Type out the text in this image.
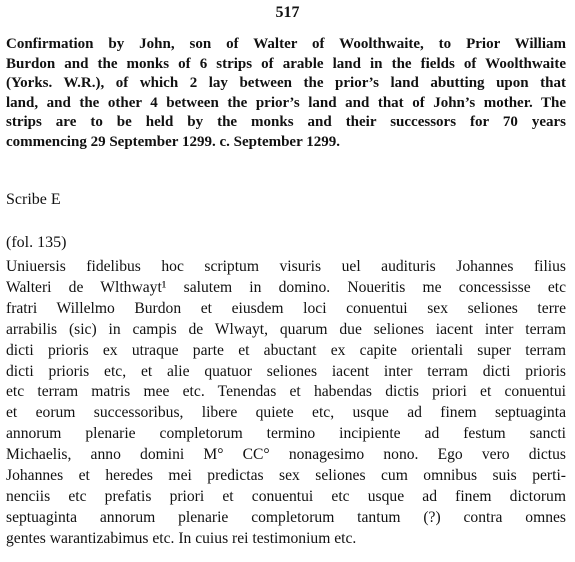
517
Confirmation by John, son of Walter of Woolthwaite, to Prior William
Burdon and the monks of 6 strips of arable land in the fields of Woolthwaite
(Yorks. W.R.), of which 2 lay between the prior’s land abutting upon that
land, and the other 4 between the prior’s land and that of John’s mother. The
strips are to be held by the monks and their successors for 70 years
commencing 29 September 1299. c. September 1299.
Scribe E
(fol. 135)
Uniuersis fidelibus hoc scriptum visuris uel audituris Johannes filius
Walteri de Wlthwayt¹ salutem in domino. Noueritis me concessisse etc
fratri Willelmo Burdon et eiusdem loci conuentui sex seliones terre
arrabilis (sic) in campis de Wlwayt, quarum due seliones iacent inter terram
dicti prioris ex utraque parte et abuctant ex capite orientali super terram
dicti prioris etc, et alie quatuor seliones iacent inter terram dicti prioris
etc terram matris mee etc. Tenendas et habendas dictis priori et conuentui
et eorum successoribus, libere quiete etc, usque ad finem septuaginta
annorum plenarie completorum termino incipiente ad festum sancti
Michaelis, anno domini M° CC° nonagesimo nono. Ego vero dictus
Johannes et heredes mei predictas sex seliones cum omnibus suis perti-
nenciis etc prefatis priori et conuentui etc usque ad finem dictorum
septuaginta annorum plenarie completorum tantum (?) contra omnes
gentes warantizabimus etc. In cuius rei testimonium etc.
